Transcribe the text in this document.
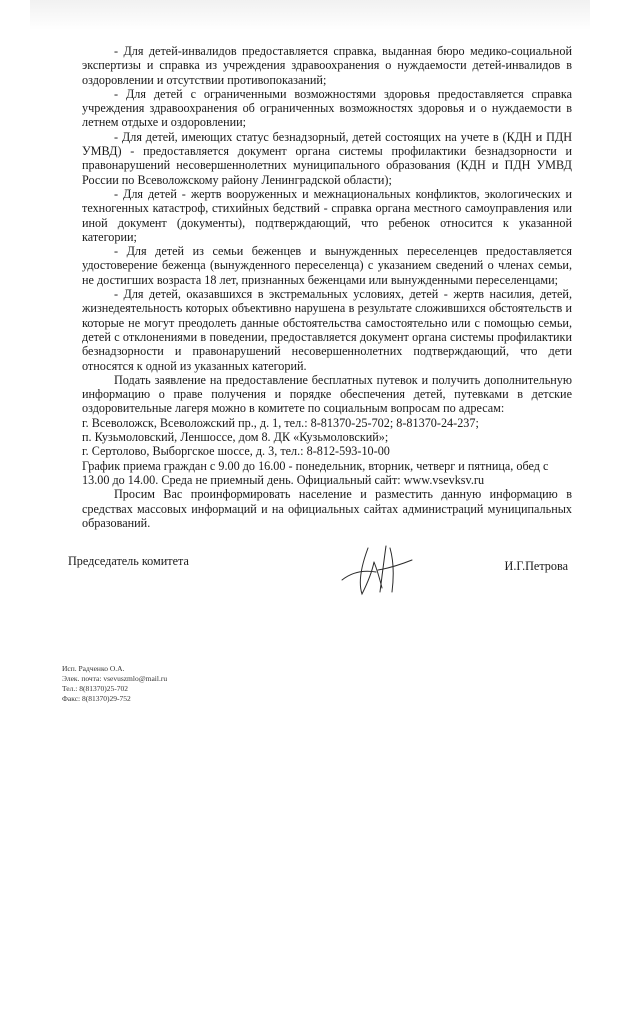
- Для детей-инвалидов предоставляется справка, выданная бюро медико-социальной экспертизы и справка из учреждения здравоохранения о нуждаемости детей-инвалидов в оздоровлении и отсутствии противопоказаний;

- Для детей с ограниченными возможностями здоровья предоставляется справка учреждения здравоохранения об ограниченных возможностях здоровья и о нуждаемости в летнем отдыхе и оздоровлении;

- Для детей, имеющих статус безнадзорный, детей состоящих на учете в (КДН и ПДН УМВД) - предоставляется документ органа системы профилактики безнадзорности и правонарушений несовершеннолетних муниципального образования (КДН и ПДН УМВД России по Всеволожскому району Ленинградской области);

- Для детей - жертв вооруженных и межнациональных конфликтов, экологических и техногенных катастроф, стихийных бедствий - справка органа местного самоуправления или иной документ (документы), подтверждающий, что ребенок относится к указанной категории;

- Для детей из семьи беженцев и вынужденных переселенцев предоставляется удостоверение беженца (вынужденного переселенца) с указанием сведений о членах семьи, не достигших возраста 18 лет, признанных беженцами или вынужденными переселенцами;

- Для детей, оказавшихся в экстремальных условиях, детей - жертв насилия, детей, жизнедеятельность которых объективно нарушена в результате сложившихся обстоятельств и которые не могут преодолеть данные обстоятельства самостоятельно или с помощью семьи, детей с отклонениями в поведении, предоставляется документ органа системы профилактики безнадзорности и правонарушений несовершеннолетних подтверждающий, что дети относятся к одной из указанных категорий.

Подать заявление на предоставление бесплатных путевок и получить дополнительную информацию о праве получения и порядке обеспечения детей, путевками в детские оздоровительные лагеря можно в комитете по социальным вопросам по адресам:

г. Всеволожск, Всеволожский пр., д. 1, тел.: 8-81370-25-702; 8-81370-24-237;

п. Кузьмоловский, Леншоссе, дом 8. ДК «Кузьмоловский»;

г. Сертолово, Выборгское шоссе, д. 3, тел.: 8-812-593-10-00

График приема граждан с 9.00 до 16.00 - понедельник, вторник, четверг и пятница, обед с 13.00 до 14.00. Среда не приемный день. Официальный сайт: www.vsevksv.ru

Просим Вас проинформировать население и разместить данную информацию в средствах массовых информаций и на официальных сайтах администраций муниципальных образований.

Председатель комитета	И.Г.Петрова
Исп. Радченко О.А.
Элек. почта: vsevuszmlo@mail.ru
Тел.: 8(81370)25-702
Факс: 8(81370)29-752
